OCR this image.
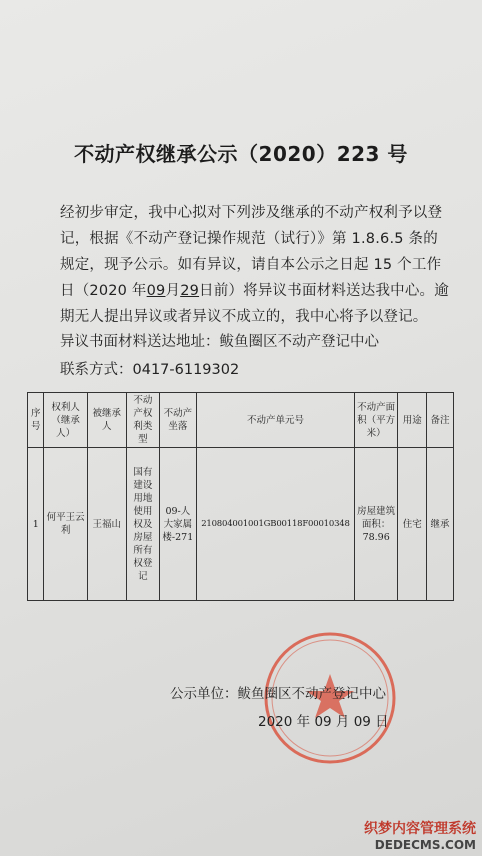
不动产权继承公示（2020）223 号
经初步审定，我中心拟对下列涉及继承的不动产权利予以登记，根据《不动产登记操作规范（试行）》第 1.8.6.5 条的规定，现予公示。如有异议，请自本公示之日起 15 个工作日（2020 年09月29日前）将异议书面材料送达我中心。逾期无人提出异议或者异议不成立的，我中心将予以登记。
异议书面材料送达地址：鲅鱼圈区不动产登记中心
联系方式：0417-6119302
序号	权利人（继承人）	被继承人	不动产权利类型	不动产坐落	不动产单元号	不动产面积（平方米）	用途	备注
1	何平王云利	王福山	国有建设用地使用权及房屋所有权登记	09-人大家属楼-271	210804001001GB00118F00010348	房屋建筑面积：78.96	住宅	继承
公示单位：鲅鱼圈区不动产登记中心
2020 年 09 月 09 日
织梦内容管理系统
DEDECMS.COM
